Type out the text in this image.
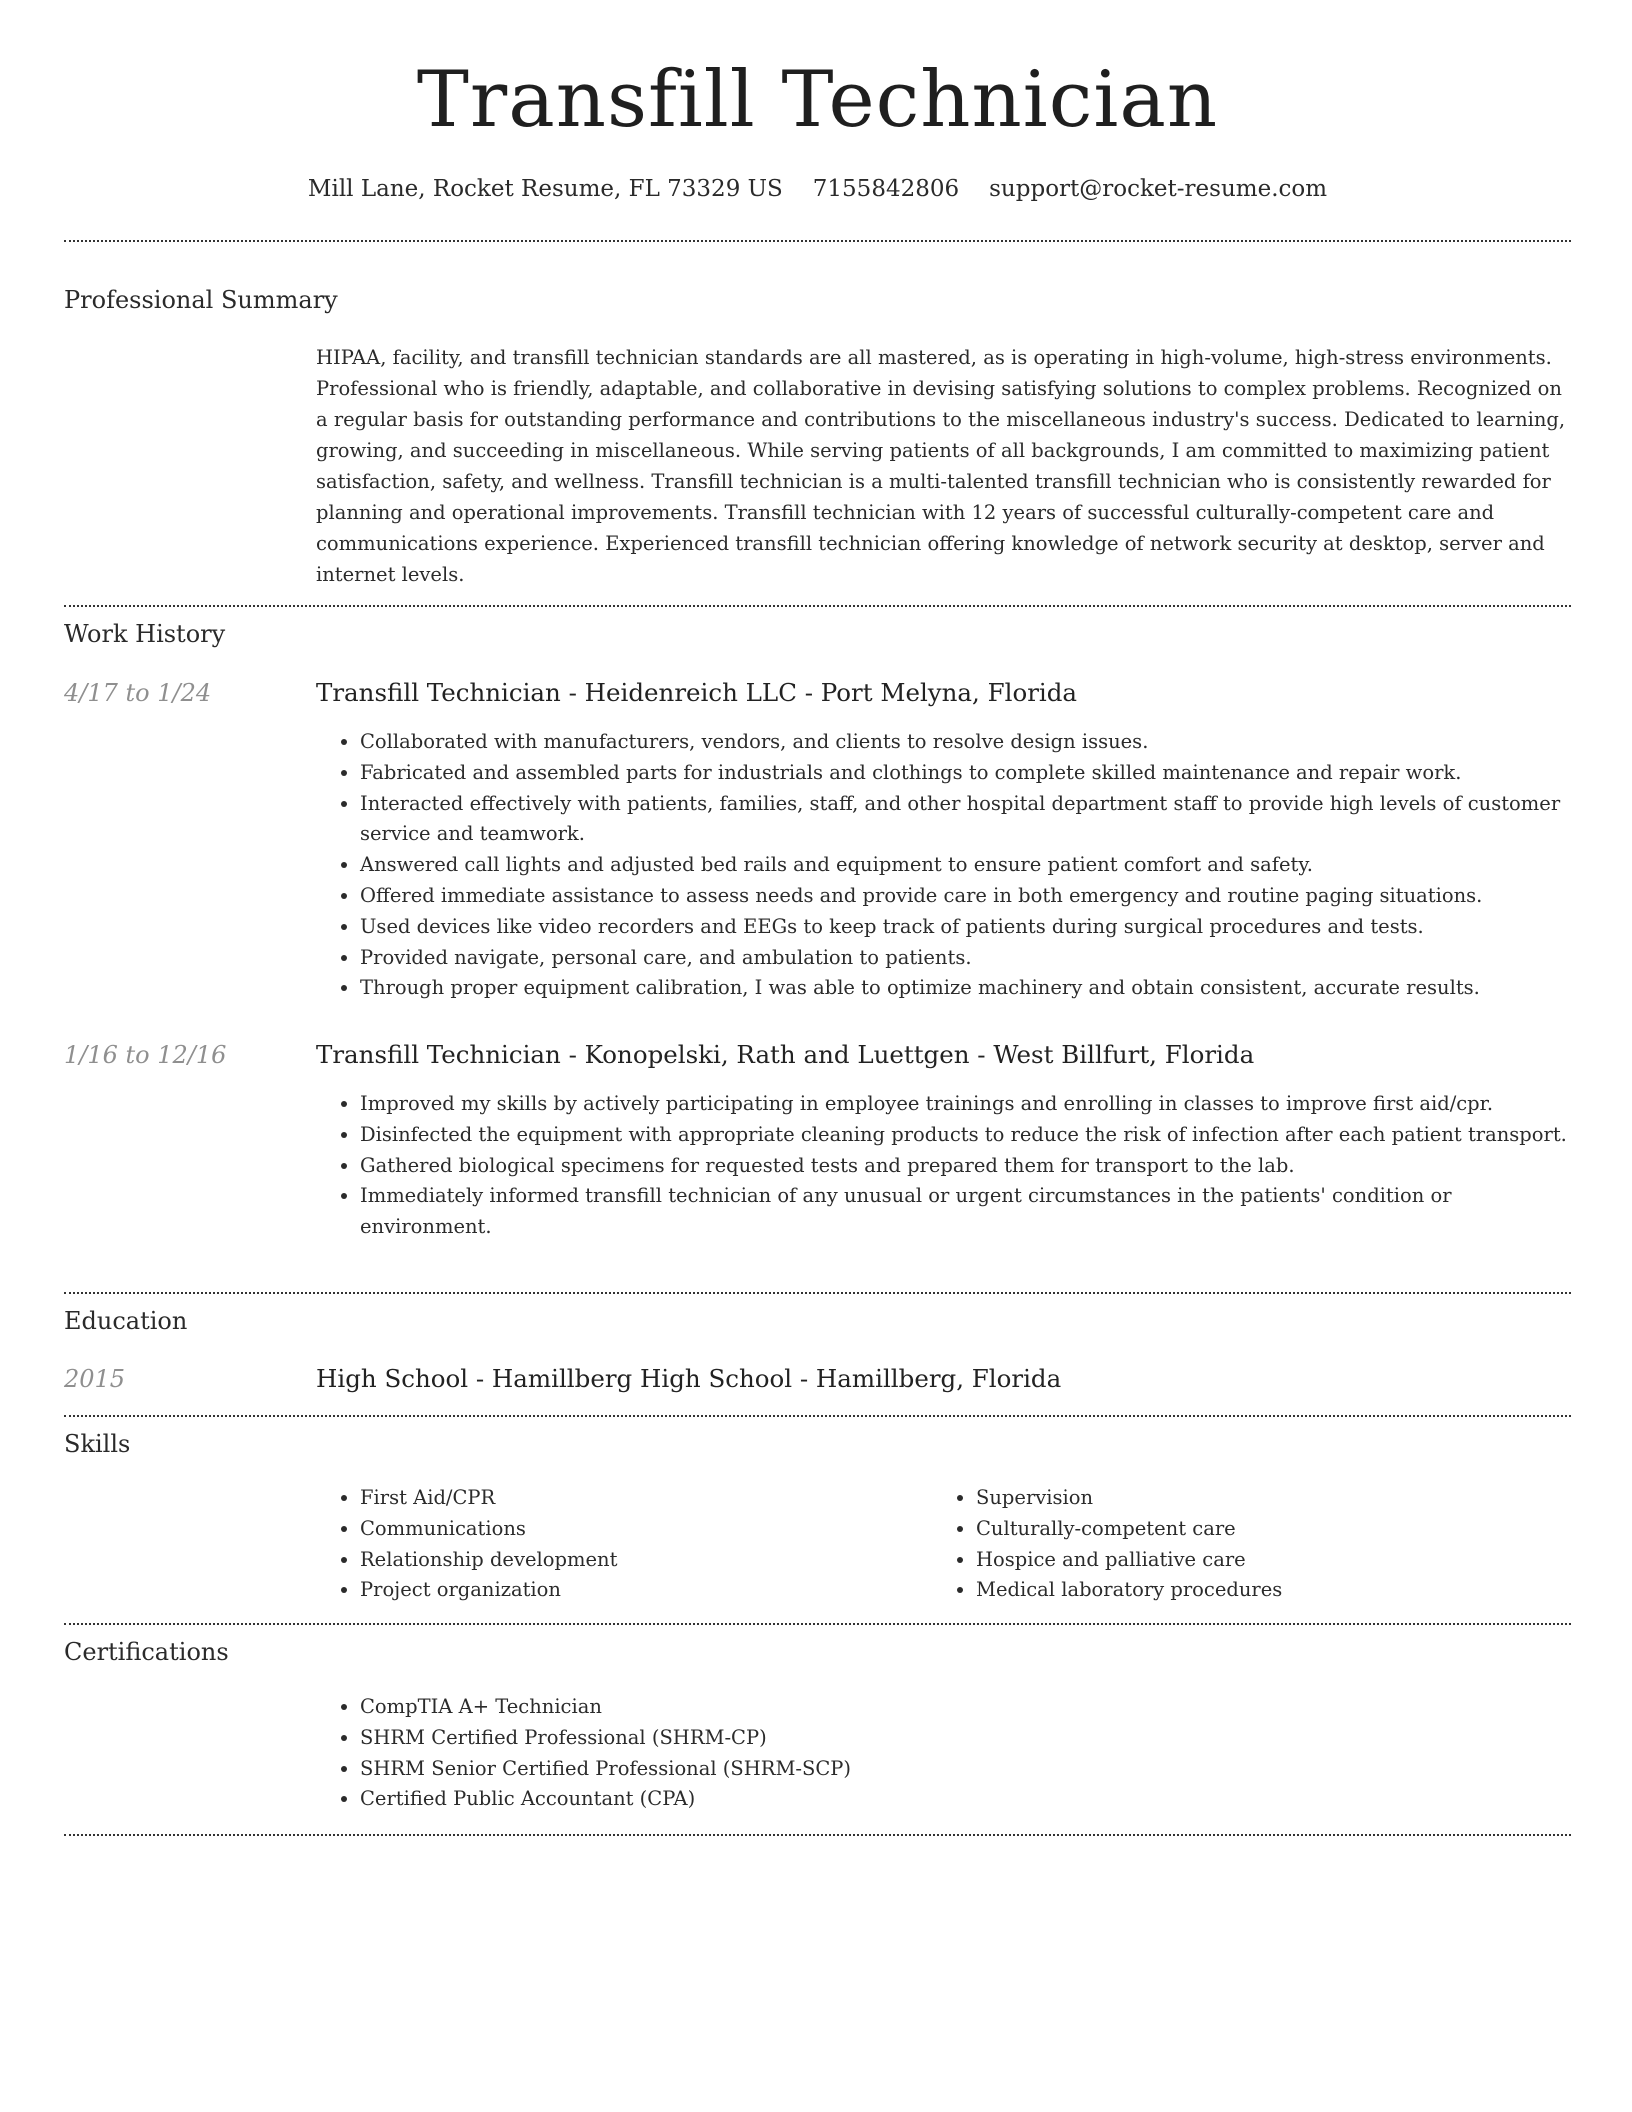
Transfill Technician
Mill Lane, Rocket Resume, FL 73329 US 7155842806 support@rocket-resume.com
Professional Summary

HIPAA, facility, and transfill technician standards are all mastered, as is operating in high-volume, high-stress environments. Professional who is friendly, adaptable, and collaborative in devising satisfying solutions to complex problems. Recognized on a regular basis for outstanding performance and contributions to the miscellaneous industry's success. Dedicated to learning, growing, and succeeding in miscellaneous. While serving patients of all backgrounds, I am committed to maximizing patient satisfaction, safety, and wellness. Transfill technician is a multi-talented transfill technician who is consistently rewarded for planning and operational improvements. Transfill technician with 12 years of successful culturally-competent care and communications experience. Experienced transfill technician offering knowledge of network security at desktop, server and internet levels.

Work History
4/17 to 1/24	Transfill Technician - Heidenreich LLC - Port Melyna, Florida
• Collaborated with manufacturers, vendors, and clients to resolve design issues.
• Fabricated and assembled parts for industrials and clothings to complete skilled maintenance and repair work.
• Interacted effectively with patients, families, staff, and other hospital department staff to provide high levels of customer service and teamwork.
• Answered call lights and adjusted bed rails and equipment to ensure patient comfort and safety.
• Offered immediate assistance to assess needs and provide care in both emergency and routine paging situations.
• Used devices like video recorders and EEGs to keep track of patients during surgical procedures and tests.
• Provided navigate, personal care, and ambulation to patients.
• Through proper equipment calibration, I was able to optimize machinery and obtain consistent, accurate results.
1/16 to 12/16	Transfill Technician - Konopelski, Rath and Luettgen - West Billfurt, Florida
• Improved my skills by actively participating in employee trainings and enrolling in classes to improve first aid/cpr.
• Disinfected the equipment with appropriate cleaning products to reduce the risk of infection after each patient transport.
• Gathered biological specimens for requested tests and prepared them for transport to the lab.
• Immediately informed transfill technician of any unusual or urgent circumstances in the patients' condition or environment.
Education
2015	High School - Hamillberg High School - Hamillberg, Florida
Skills
• First Aid/CPR
• Communications
• Relationship development
• Project organization
• Supervision
• Culturally-competent care
• Hospice and palliative care
• Medical laboratory procedures
Certifications
• CompTIA A+ Technician
• SHRM Certified Professional (SHRM-CP)
• SHRM Senior Certified Professional (SHRM-SCP)
• Certified Public Accountant (CPA)
